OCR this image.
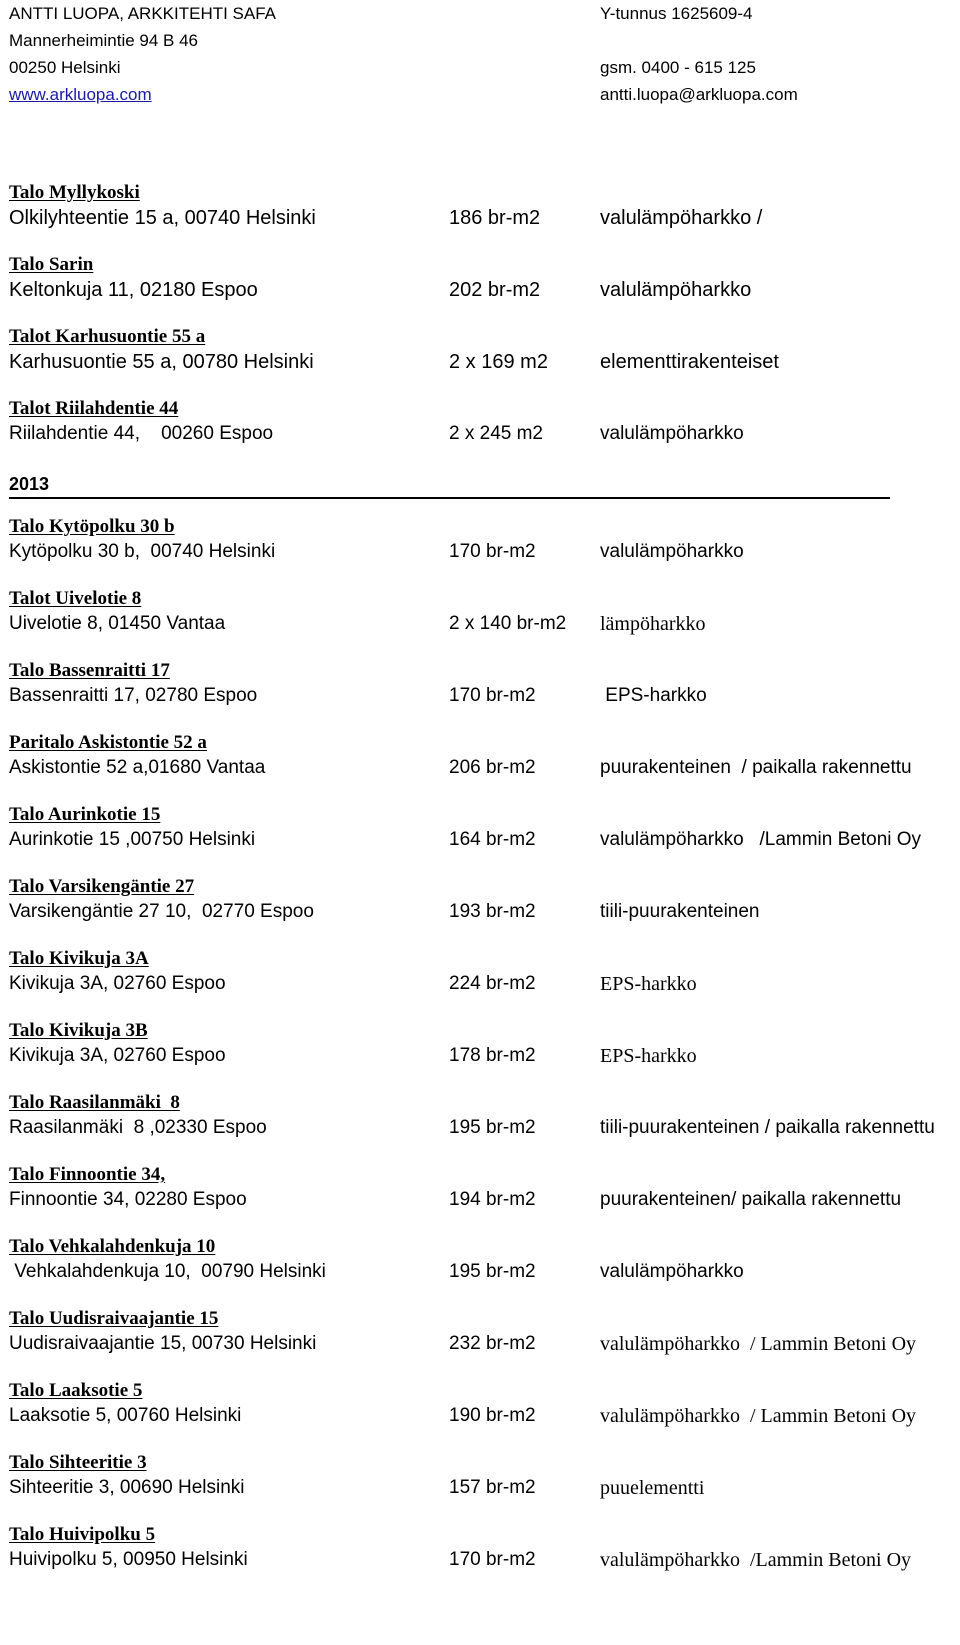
ANTTI LUOPA, ARKKITEHTI SAFA	Y-tunnus 1625609-4
Mannerheimintie 94 B 46
00250 Helsinki	gsm. 0400 - 615 125
www.arkluopa.com	antti.luopa@arkluopa.com
Talo Myllykoski
Olkilyhteentie 15 a, 00740 Helsinki	186 br-m2	valulämpöharkko /
Talo Sarin
Keltonkuja 11, 02180 Espoo	202 br-m2	valulämpöharkko
Talot Karhusuontie 55 a
Karhusuontie 55 a, 00780 Helsinki	2 x 169 m2	elementtirakenteiset
Talot Riilahdentie 44
Riilahdentie 44,    00260 Espoo	2 x 245 m2	valulämpöharkko
2013
Talo Kytöpolku 30 b
Kytöpolku 30 b,  00740 Helsinki	170 br-m2	valulämpöharkko
Talot Uivelotie 8
Uivelotie 8, 01450 Vantaa	2 x 140 br-m2 lämpöharkko
Talo Bassenraitti 17
Bassenraitti 17, 02780 Espoo	170 br-m2	EPS-harkko
Paritalo Askistontie 52 a
Askistontie 52 a,01680 Vantaa	206 br-m2	puurakenteinen  / paikalla rakennettu
Talo Aurinkotie 15
Aurinkotie 15 ,00750 Helsinki	164 br-m2	valulämpöharkko   /Lammin Betoni Oy
Talo Varsikengäntie 27
Varsikengäntie 27 10,  02770 Espoo	193 br-m2	tiili-puurakenteinen
Talo Kivikuja 3A
Kivikuja 3A, 02760 Espoo	224 br-m2	EPS-harkko
Talo Kivikuja 3B
Kivikuja 3A, 02760 Espoo	178 br-m2	EPS-harkko
Talo Raasilanmäki  8
Raasilanmäki  8 ,02330 Espoo	195 br-m2	tiili-puurakenteinen / paikalla rakennettu
Talo Finnoontie 34,
Finnoontie 34, 02280 Espoo	194 br-m2	puurakenteinen/ paikalla rakennettu
Talo Vehkalahdenkuja 10
Vehkalahdenkuja 10,  00790 Helsinki	195 br-m2	valulämpöharkko
Talo Uudisraivaajantie 15
Uudisraivaajantie 15, 00730 Helsinki	232 br-m2	valulämpöharkko  / Lammin Betoni Oy
Talo Laaksotie 5
Laaksotie 5, 00760 Helsinki	190 br-m2	valulämpöharkko  / Lammin Betoni Oy
Talo Sihteeritie 3
Sihteeritie 3, 00690 Helsinki	157 br-m2	puuelementti
Talo Huivipolku 5
Huivipolku 5, 00950 Helsinki	170 br-m2	valulämpöharkko  /Lammin Betoni Oy
